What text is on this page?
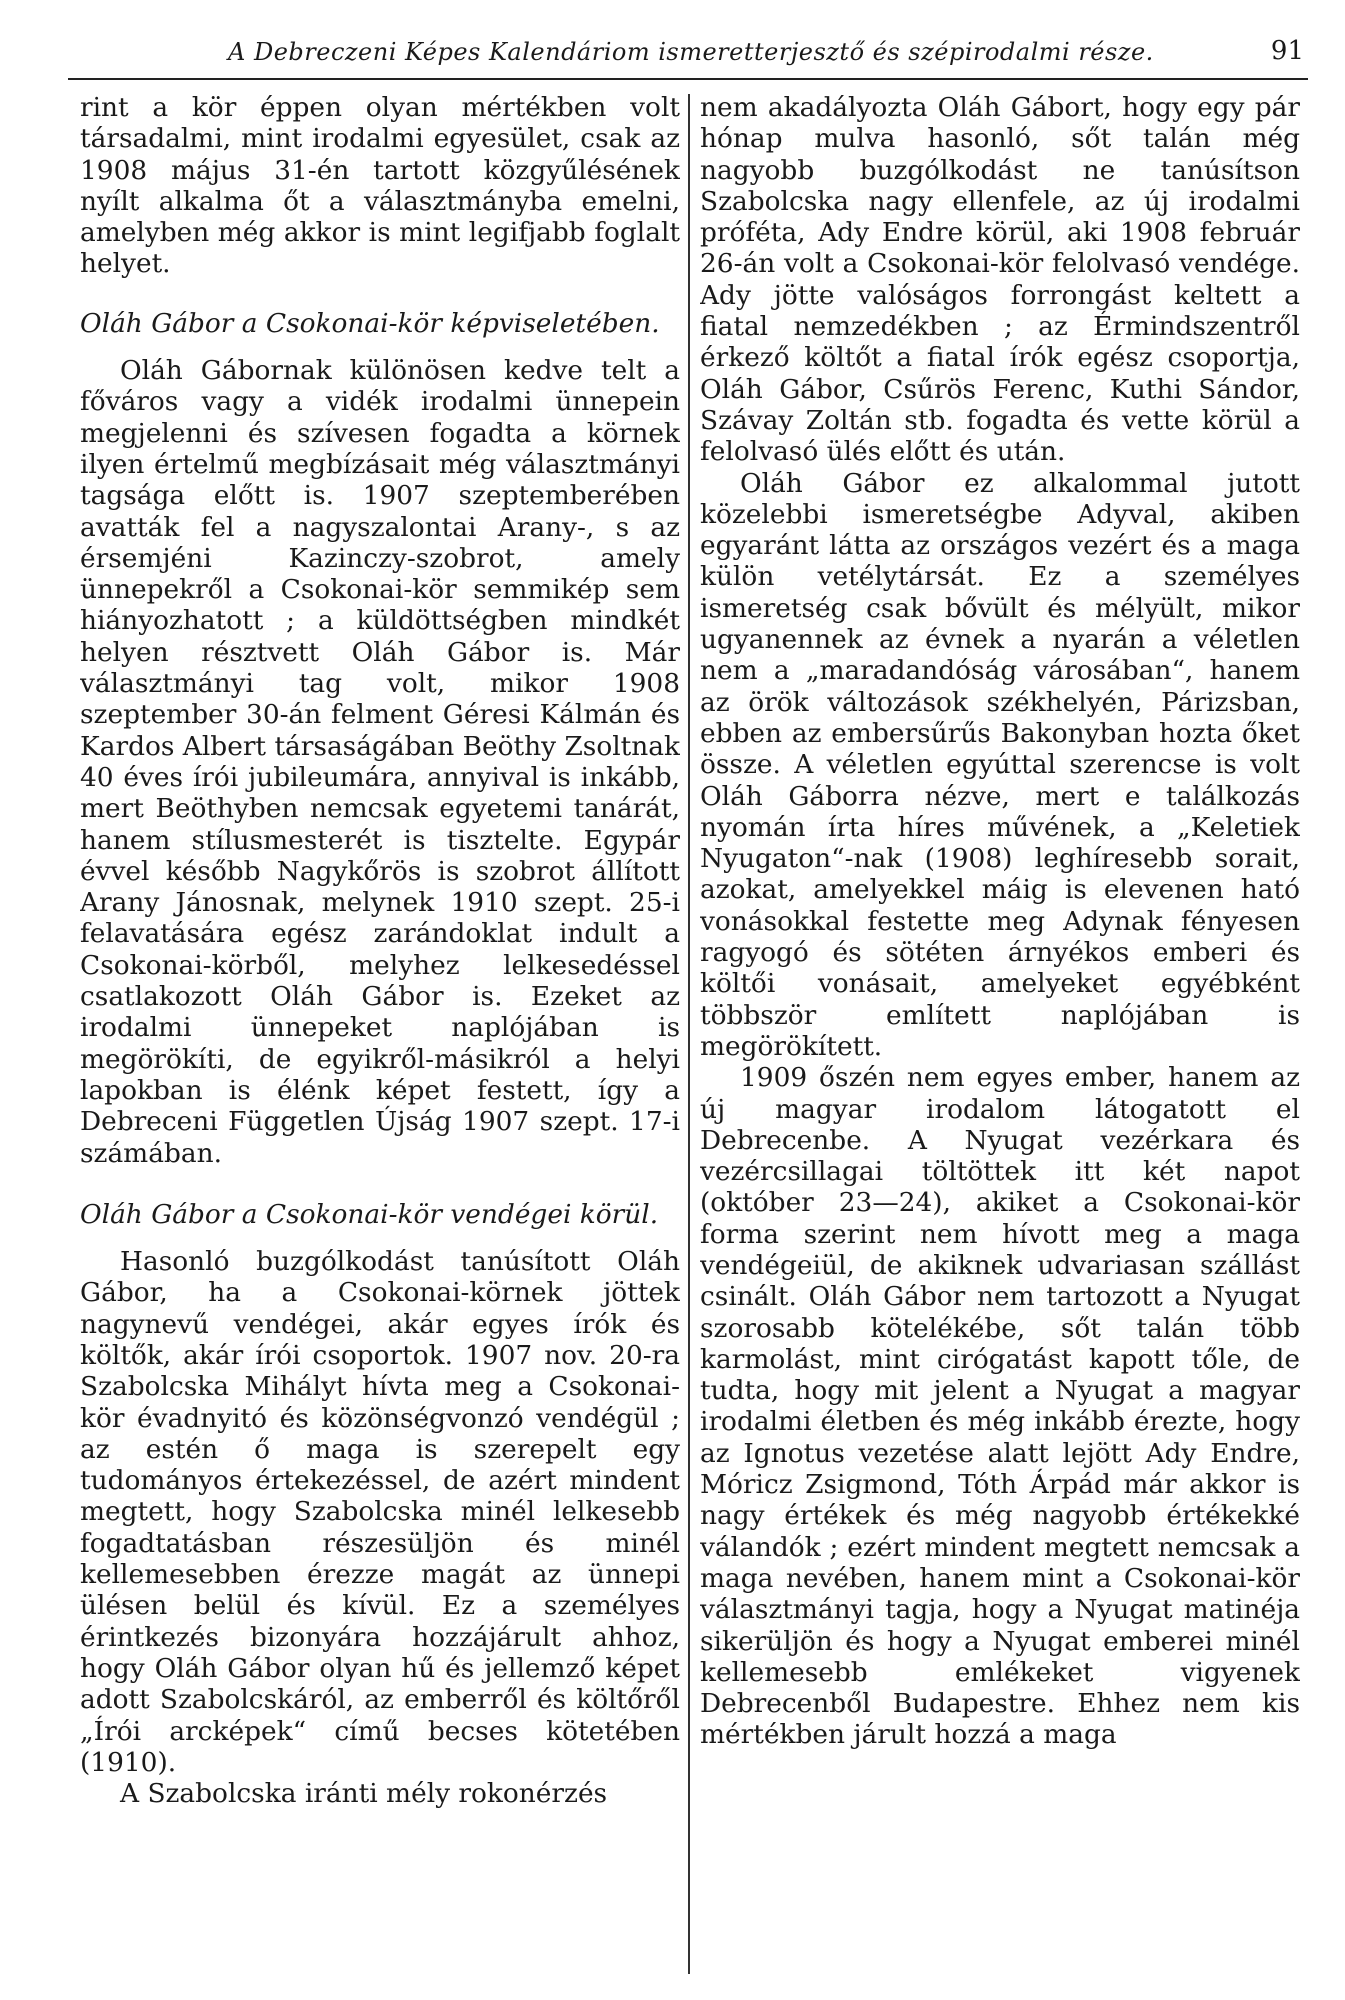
A Debreczeni Képes Kalendáriom ismeretterjesztő és szépirodalmi része.	91

rint a kör éppen olyan mértékben volt társadalmi, mint irodalmi egyesület, csak az 1908 május 31-én tartott közgyűlésének nyílt alkalma őt a választmányba emelni, amelyben még akkor is mint legifjabb foglalt helyet.

Oláh Gábor a Csokonai-kör képviseletében.

Oláh Gábornak különösen kedve telt a főváros vagy a vidék irodalmi ünnepein megjelenni és szívesen fogadta a körnek ilyen értelmű megbízásait még választmányi tagsága előtt is. 1907 szeptemberében avatták fel a nagyszalontai Arany-, s az érsemjéni Kazinczy-szobrot, amely ünnepekről a Csokonai-kör semmikép sem hiányozhatott ; a küldöttségben mindkét helyen résztvett Oláh Gábor is. Már választmányi tag volt, mikor 1908 szeptember 30-án felment Géresi Kálmán és Kardos Albert társaságában Beöthy Zsoltnak 40 éves írói jubileumára, annyival is inkább, mert Beöthyben nemcsak egyetemi tanárát, hanem stílusmesterét is tisztelte. Egypár évvel később Nagykőrös is szobrot állított Arany Jánosnak, melynek 1910 szept. 25-i felavatására egész zarándoklat indult a Csokonai-körből, melyhez lelkesedéssel csatlakozott Oláh Gábor is. Ezeket az irodalmi ünnepeket naplójában is megörökíti, de egyikről-másikról a helyi lapokban is élénk képet festett, így a Debreceni Független Újság 1907 szept. 17-i számában.

Oláh Gábor a Csokonai-kör vendégei körül.

Hasonló buzgólkodást tanúsított Oláh Gábor, ha a Csokonai-körnek jöttek nagynevű vendégei, akár egyes írók és költők, akár írói csoportok. 1907 nov. 20-ra Szabolcska Mihályt hívta meg a Csokonai-kör évadnyitó és közönségvonzó vendégül ; az estén ő maga is szerepelt egy tudományos értekezéssel, de azért mindent megtett, hogy Szabolcska minél lelkesebb fogadtatásban részesüljön és minél kellemesebben érezze magát az ünnepi ülésen belül és kívül. Ez a személyes érintkezés bizonyára hozzájárult ahhoz, hogy Oláh Gábor olyan hű és jellemző képet adott Szabolcskáról, az emberről és költőről „Írói arcképek“ című becses kötetében (1910).

A Szabolcska iránti mély rokonérzés

nem akadályozta Oláh Gábort, hogy egy pár hónap mulva hasonló, sőt talán még nagyobb buzgólkodást ne tanúsítson Szabolcska nagy ellenfele, az új irodalmi próféta, Ady Endre körül, aki 1908 február 26-án volt a Csokonai-kör felolvasó vendége. Ady jötte valóságos forrongást keltett a fiatal nemzedékben ; az Érmindszentről érkező költőt a fiatal írók egész csoportja, Oláh Gábor, Csűrös Ferenc, Kuthi Sándor, Szávay Zoltán stb. fogadta és vette körül a felolvasó ülés előtt és után.

Oláh Gábor ez alkalommal jutott közelebbi ismeretségbe Adyval, akiben egyaránt látta az országos vezért és a maga külön vetélytársát. Ez a személyes ismeretség csak bővült és mélyült, mikor ugyanennek az évnek a nyarán a véletlen nem a „maradandóság városában“, hanem az örök változások székhelyén, Párizsban, ebben az embersűrűs Bakonyban hozta őket össze. A véletlen egyúttal szerencse is volt Oláh Gáborra nézve, mert e találkozás nyomán írta híres művének, a „Keletiek Nyugaton“-nak (1908) leghíresebb sorait, azokat, amelyekkel máig is elevenen ható vonásokkal festette meg Adynak fényesen ragyogó és sötéten árnyékos emberi és költői vonásait, amelyeket egyébként többször említett naplójában is megörökített.

1909 őszén nem egyes ember, hanem az új magyar irodalom látogatott el Debrecenbe. A Nyugat vezérkara és vezércsillagai töltöttek itt két napot (október 23—24), akiket a Csokonai-kör forma szerint nem hívott meg a maga vendégeiül, de akiknek udvariasan szállást csinált. Oláh Gábor nem tartozott a Nyugat szorosabb kötelékébe, sőt talán több karmolást, mint cirógatást kapott tőle, de tudta, hogy mit jelent a Nyugat a magyar irodalmi életben és még inkább érezte, hogy az Ignotus vezetése alatt lejött Ady Endre, Móricz Zsigmond, Tóth Árpád már akkor is nagy értékek és még nagyobb értékekké válandók ; ezért mindent megtett nemcsak a maga nevében, hanem mint a Csokonai-kör választmányi tagja, hogy a Nyugat matinéja sikerüljön és hogy a Nyugat emberei minél kellemesebb emlékeket vigyenek Debrecenből Budapestre. Ehhez nem kis mértékben járult hozzá a maga
